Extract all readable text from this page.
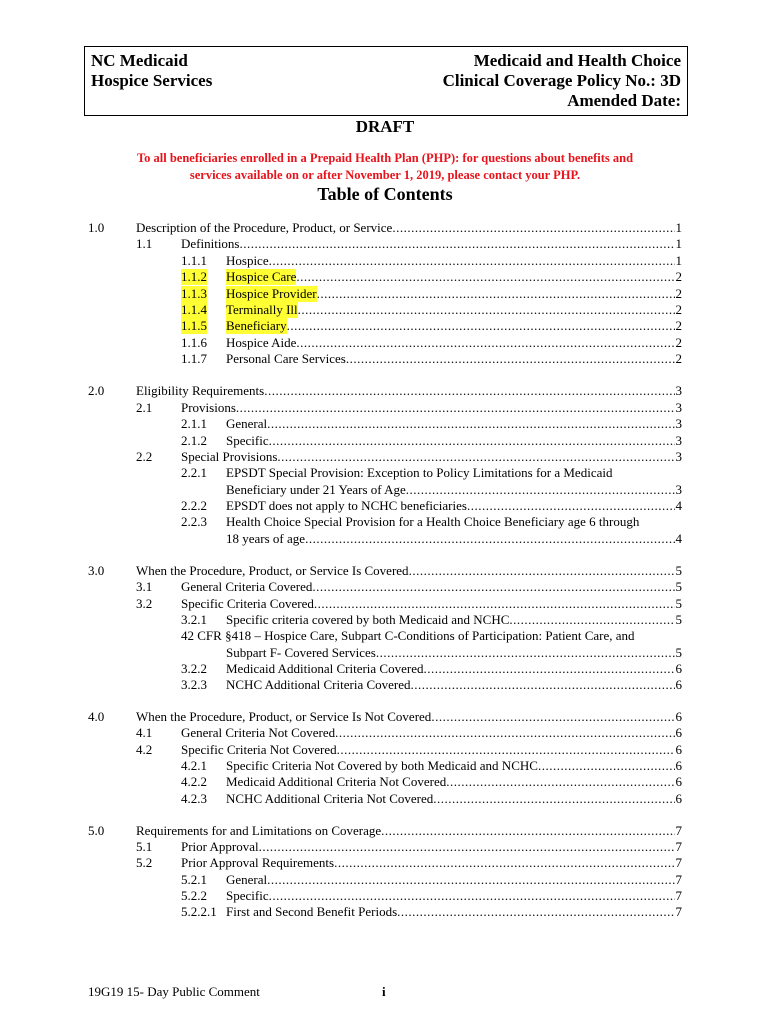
NC Medicaid
Hospice Services
Medicaid and Health Choice
Clinical Coverage Policy No.: 3D
Amended Date:
DRAFT
To all beneficiaries enrolled in a Prepaid Health Plan (PHP): for questions about benefits and
services available on or after November 1, 2019, please contact your PHP.
Table of Contents
1.0 Description of the Procedure, Product, or Service .....	1
1.1 Definitions .....	1
1.1.1 Hospice .....	1
1.1.2 Hospice Care .....	2
1.1.3 Hospice Provider .....	2
1.1.4 Terminally Ill .....	2
1.1.5 Beneficiary .....	2
1.1.6 Hospice Aide .....	2
1.1.7 Personal Care Services .....	2
2.0 Eligibility Requirements .....	3
2.1 Provisions .....	3
2.1.1 General .....	3
2.1.2 Specific .....	3
2.2 Special Provisions .....	3
2.2.1 EPSDT Special Provision: Exception to Policy Limitations for a Medicaid
Beneficiary under 21 Years of Age .....	3
2.2.2 EPSDT does not apply to NCHC beneficiaries .....	4
2.2.3 Health Choice Special Provision for a Health Choice Beneficiary age 6 through
18 years of age .....	4
3.0 When the Procedure, Product, or Service Is Covered .....	5
3.1 General Criteria Covered .....	5
3.2 Specific Criteria Covered .....	5
3.2.1 Specific criteria covered by both Medicaid and NCHC .....	5
42 CFR §418 – Hospice Care, Subpart C-Conditions of Participation: Patient Care, and
Subpart F- Covered Services .....	5
3.2.2 Medicaid Additional Criteria Covered .....	6
3.2.3 NCHC Additional Criteria Covered .....	6
4.0 When the Procedure, Product, or Service Is Not Covered .....	6
4.1 General Criteria Not Covered .....	6
4.2 Specific Criteria Not Covered .....	6
4.2.1 Specific Criteria Not Covered by both Medicaid and NCHC .....	6
4.2.2 Medicaid Additional Criteria Not Covered .....	6
4.2.3 NCHC Additional Criteria Not Covered .....	6
5.0 Requirements for and Limitations on Coverage .....	7
5.1 Prior Approval .....	7
5.2 Prior Approval Requirements .....	7
5.2.1 General .....	7
5.2.2 Specific .....	7
5.2.2.1 First and Second Benefit Periods .....	7
19G19 15- Day Public Comment	i
